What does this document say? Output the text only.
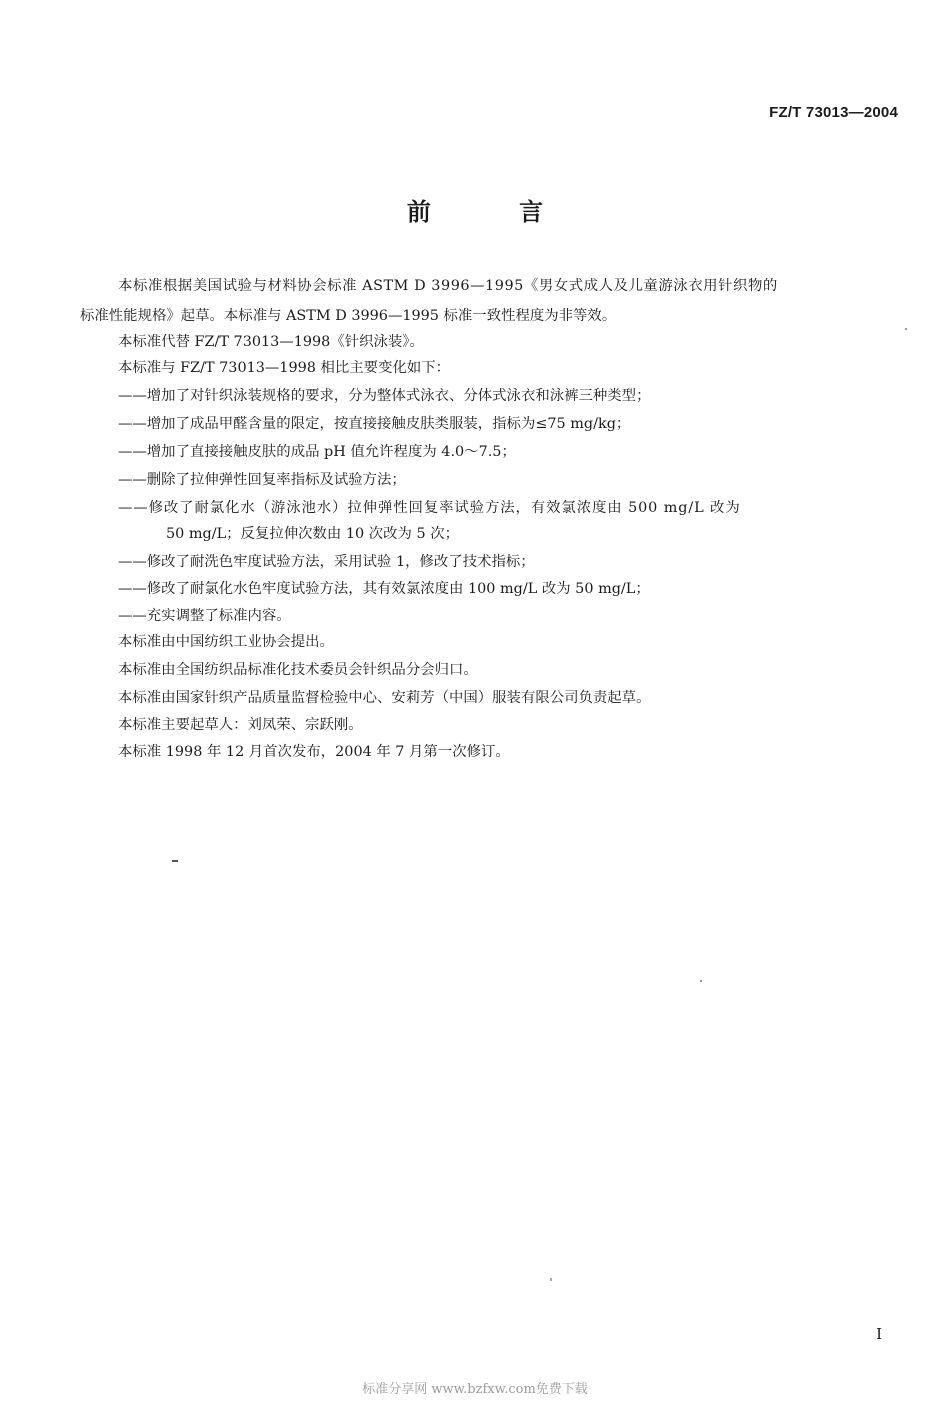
FZ/T 73013—2004
前 言
本标准根据美国试验与材料协会标准 ASTM D 3996—1995《男女式成人及儿童游泳衣用针织物的
标准性能规格》起草。本标准与 ASTM D 3996—1995 标准一致性程度为非等效。
本标准代替 FZ/T 73013—1998《针织泳装》。
本标准与 FZ/T 73013—1998 相比主要变化如下：
——增加了对针织泳装规格的要求，分为整体式泳衣、分体式泳衣和泳裤三种类型；
——增加了成品甲醛含量的限定，按直接接触皮肤类服装，指标为≤75 mg/kg；
——增加了直接接触皮肤的成品 pH 值允许程度为 4.0～7.5；
——删除了拉伸弹性回复率指标及试验方法；
——修改了耐氯化水（游泳池水）拉伸弹性回复率试验方法，有效氯浓度由 500 mg/L 改为
50 mg/L；反复拉伸次数由 10 次改为 5 次；
——修改了耐洗色牢度试验方法，采用试验 1，修改了技术指标；
——修改了耐氯化水色牢度试验方法，其有效氯浓度由 100 mg/L 改为 50 mg/L；
——充实调整了标准内容。
本标准由中国纺织工业协会提出。
本标准由全国纺织品标准化技术委员会针织品分会归口。
本标准由国家针织产品质量监督检验中心、安莉芳（中国）服装有限公司负责起草。
本标准主要起草人：刘凤荣、宗跃刚。
本标准 1998 年 12 月首次发布，2004 年 7 月第一次修订。
I
标准分享网 www.bzfxw.com免费下载
